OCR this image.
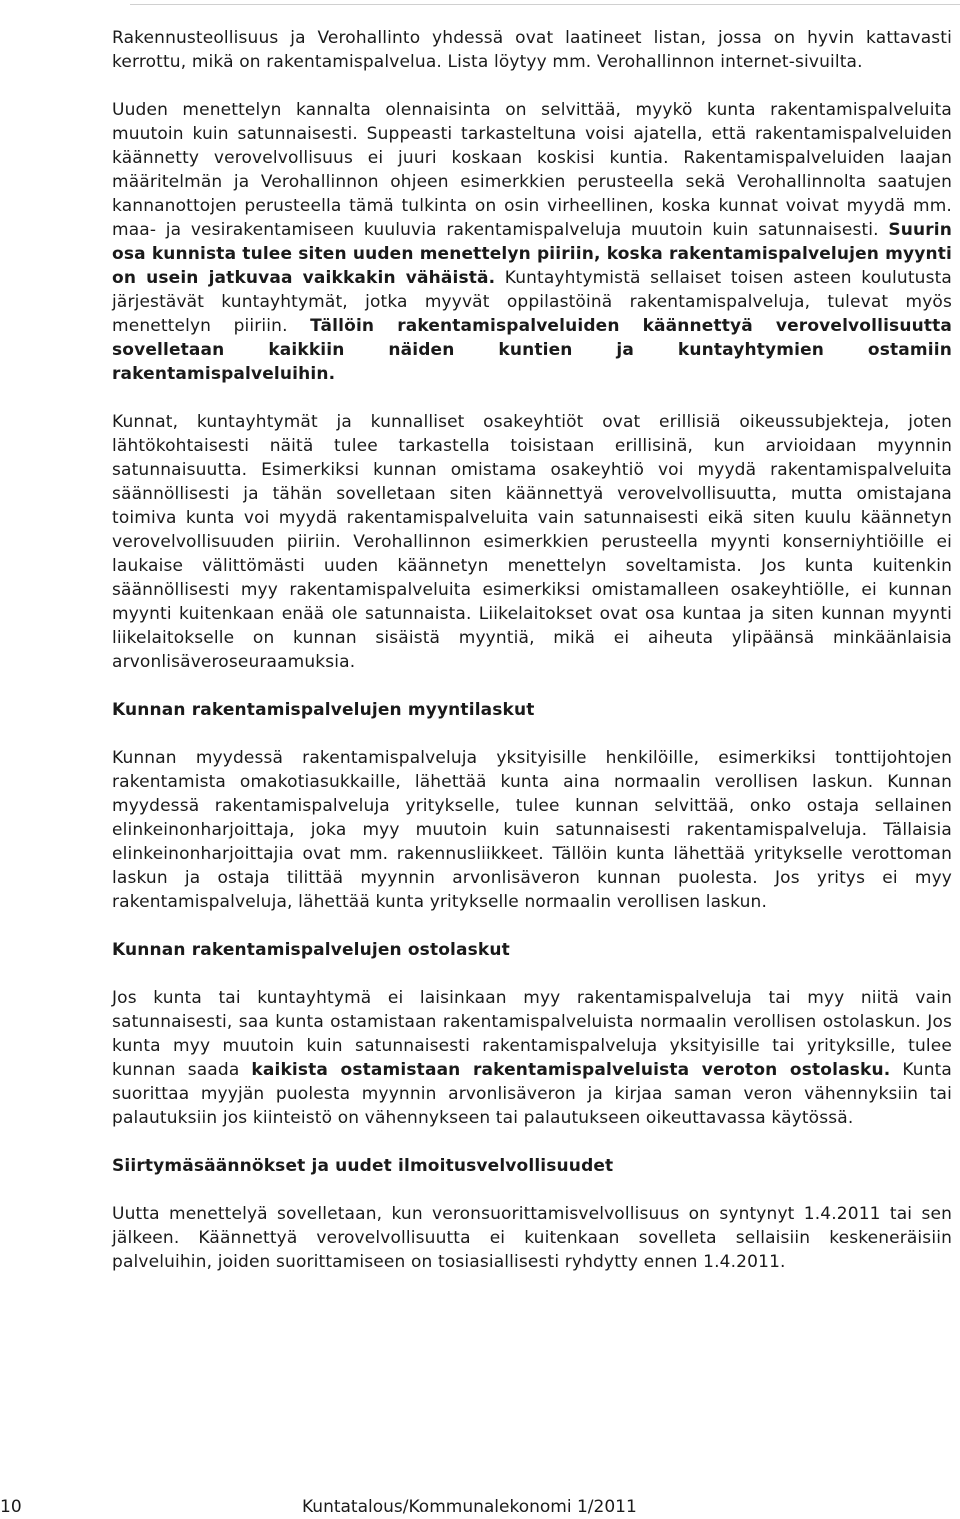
Rakennusteollisuus ja Verohallinto yhdessä ovat laatineet listan, jossa on hyvin kattavasti kerrottu, mikä on rakentamispalvelua. Lista löytyy mm. Verohallinnon internet-sivuilta.

Uuden menettelyn kannalta olennaisinta on selvittää, myykö kunta rakentamispalveluita muutoin kuin satunnaisesti. Suppeasti tarkasteltuna voisi ajatella, että rakentamispalveluiden käännetty verovelvollisuus ei juuri koskaan koskisi kuntia. Rakentamispalveluiden laajan määritelmän ja Verohallinnon ohjeen esimerkkien perusteella sekä Verohallinnolta saatujen kannanottojen perusteella tämä tulkinta on osin virheellinen, koska kunnat voivat myydä mm. maa- ja vesirakentamiseen kuuluvia rakentamispalveluja muutoin kuin satunnaisesti. Suurin osa kunnista tulee siten uuden menettelyn piiriin, koska rakentamispalvelujen myynti on usein jatkuvaa vaikkakin vähäistä. Kuntayhtymistä sellaiset toisen asteen koulutusta järjestävät kuntayhtymät, jotka myyvät oppilastöinä rakentamispalveluja, tulevat myös menettelyn piiriin. Tällöin rakentamispalveluiden käännettyä verovelvollisuutta sovelletaan kaikkiin näiden kuntien ja kuntayhtymien ostamiin rakentamispalveluihin.

Kunnat, kuntayhtymät ja kunnalliset osakeyhtiöt ovat erillisiä oikeussubjekteja, joten lähtökohtaisesti näitä tulee tarkastella toisistaan erillisinä, kun arvioidaan myynnin satunnaisuutta. Esimerkiksi kunnan omistama osakeyhtiö voi myydä rakentamispalveluita säännöllisesti ja tähän sovelletaan siten käännettyä verovelvollisuutta, mutta omistajana toimiva kunta voi myydä rakentamispalveluita vain satunnaisesti eikä siten kuulu käännetyn verovelvollisuuden piiriin. Verohallinnon esimerkkien perusteella myynti konserniyhtiöille ei laukaise välittömästi uuden käännetyn menettelyn soveltamista. Jos kunta kuitenkin säännöllisesti myy rakentamispalveluita esimerkiksi omistamalleen osakeyhtiölle, ei kunnan myynti kuitenkaan enää ole satunnaista. Liikelaitokset ovat osa kuntaa ja siten kunnan myynti liikelaitokselle on kunnan sisäistä myyntiä, mikä ei aiheuta ylipäänsä minkäänlaisia arvonlisäveroseuraamuksia.

Kunnan rakentamispalvelujen myyntilaskut

Kunnan myydessä rakentamispalveluja yksityisille henkilöille, esimerkiksi tonttijohtojen rakentamista omakotiasukkaille, lähettää kunta aina normaalin verollisen laskun. Kunnan myydessä rakentamispalveluja yritykselle, tulee kunnan selvittää, onko ostaja sellainen elinkeinonharjoittaja, joka myy muutoin kuin satunnaisesti rakentamispalveluja. Tällaisia elinkeinonharjoittajia ovat mm. rakennusliikkeet. Tällöin kunta lähettää yritykselle verottoman laskun ja ostaja tilittää myynnin arvonlisäveron kunnan puolesta. Jos yritys ei myy rakentamispalveluja, lähettää kunta yritykselle normaalin verollisen laskun.

Kunnan rakentamispalvelujen ostolaskut

Jos kunta tai kuntayhtymä ei laisinkaan myy rakentamispalveluja tai myy niitä vain satunnaisesti, saa kunta ostamistaan rakentamispalveluista normaalin verollisen ostolaskun. Jos kunta myy muutoin kuin satunnaisesti rakentamispalveluja yksityisille tai yrityksille, tulee kunnan saada kaikista ostamistaan rakentamispalveluista veroton ostolasku. Kunta suorittaa myyjän puolesta myynnin arvonlisäveron ja kirjaa saman veron vähennyksiin tai palautuksiin jos kiinteistö on vähennykseen tai palautukseen oikeuttavassa käytössä.

Siirtymäsäännökset ja uudet ilmoitusvelvollisuudet

Uutta menettelyä sovelletaan, kun veronsuorittamisvelvollisuus on syntynyt 1.4.2011 tai sen jälkeen. Käännettyä verovelvollisuutta ei kuitenkaan sovelleta sellaisiin keskeneräisiin palveluihin, joiden suorittamiseen on tosiasiallisesti ryhdytty ennen 1.4.2011.

10	Kuntatalous/Kommunalekonomi 1/2011
